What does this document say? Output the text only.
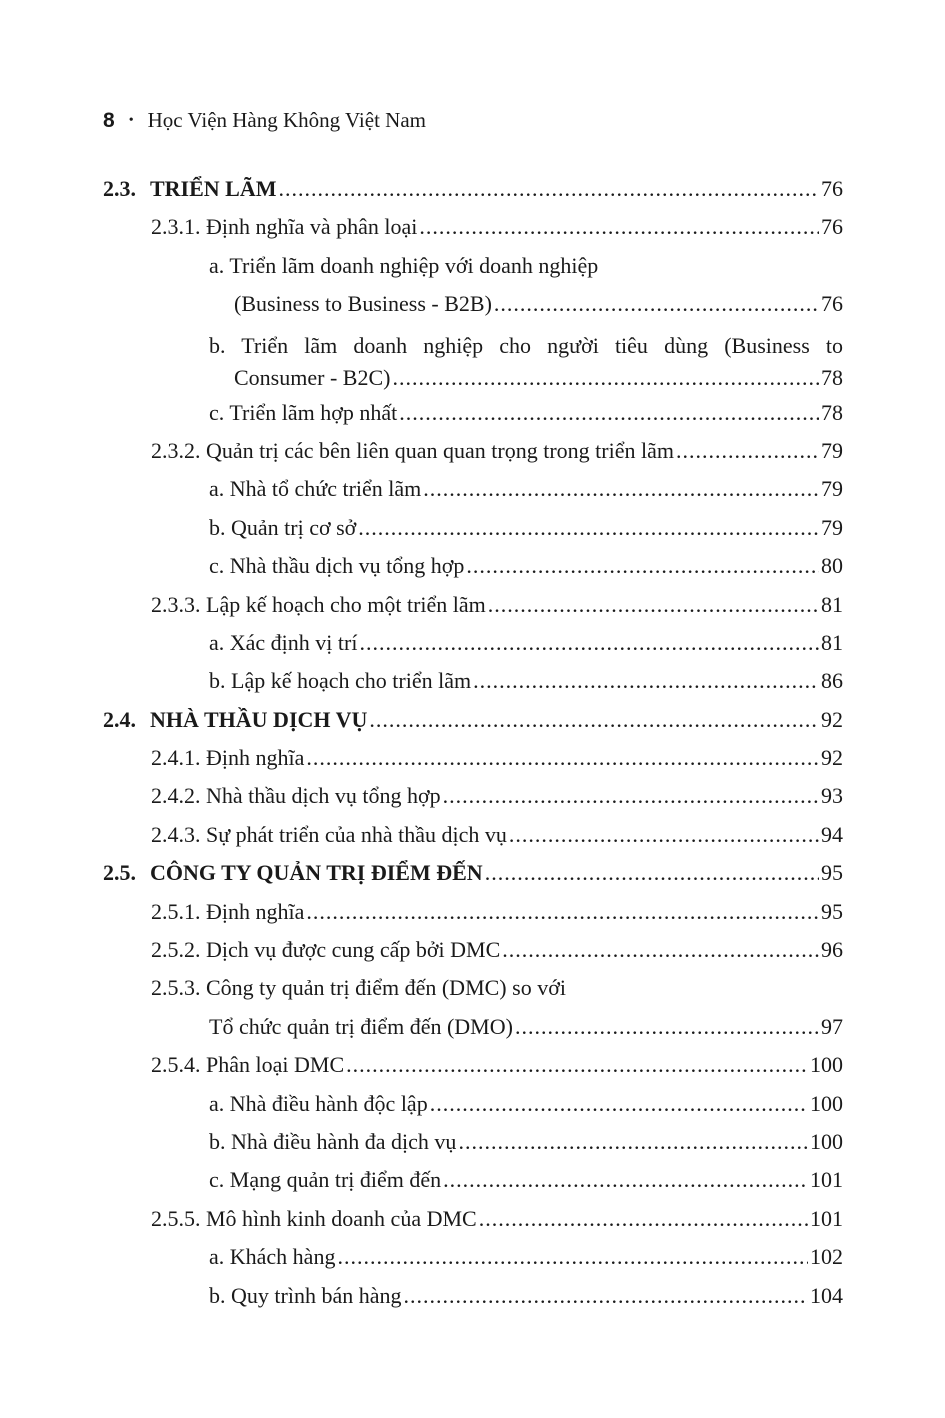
8 • Học Viện Hàng Không Việt Nam
2.3. TRIỂN LÃM .....	76
2.3.1. Định nghĩa và phân loại .....	76
a. Triển lãm doanh nghiệp với doanh nghiệp
(Business to Business - B2B) .....	76
b. Triển lãm doanh nghiệp cho người tiêu dùng (Business to
Consumer - B2C) .....	78
c. Triển lãm hợp nhất .....	78
2.3.2. Quản trị các bên liên quan quan trọng trong triển lãm .....	79
a. Nhà tổ chức triển lãm .....	79
b. Quản trị cơ sở .....	79
c. Nhà thầu dịch vụ tổng hợp .....	80
2.3.3. Lập kế hoạch cho một triển lãm .....	81
a. Xác định vị trí .....	81
b. Lập kế hoạch cho triển lãm .....	86
2.4. NHÀ THẦU DỊCH VỤ .....	92
2.4.1. Định nghĩa .....	92
2.4.2. Nhà thầu dịch vụ tổng hợp .....	93
2.4.3. Sự phát triển của nhà thầu dịch vụ .....	94
2.5. CÔNG TY QUẢN TRỊ ĐIỂM ĐẾN .....	95
2.5.1. Định nghĩa .....	95
2.5.2. Dịch vụ được cung cấp bởi DMC .....	96
2.5.3. Công ty quản trị điểm đến (DMC) so với
Tổ chức quản trị điểm đến (DMO) .....	97
2.5.4. Phân loại DMC .....	100
a. Nhà điều hành độc lập .....	100
b. Nhà điều hành đa dịch vụ .....	100
c. Mạng quản trị điểm đến .....	101
2.5.5. Mô hình kinh doanh của DMC .....	101
a. Khách hàng .....	102
b. Quy trình bán hàng .....	104
